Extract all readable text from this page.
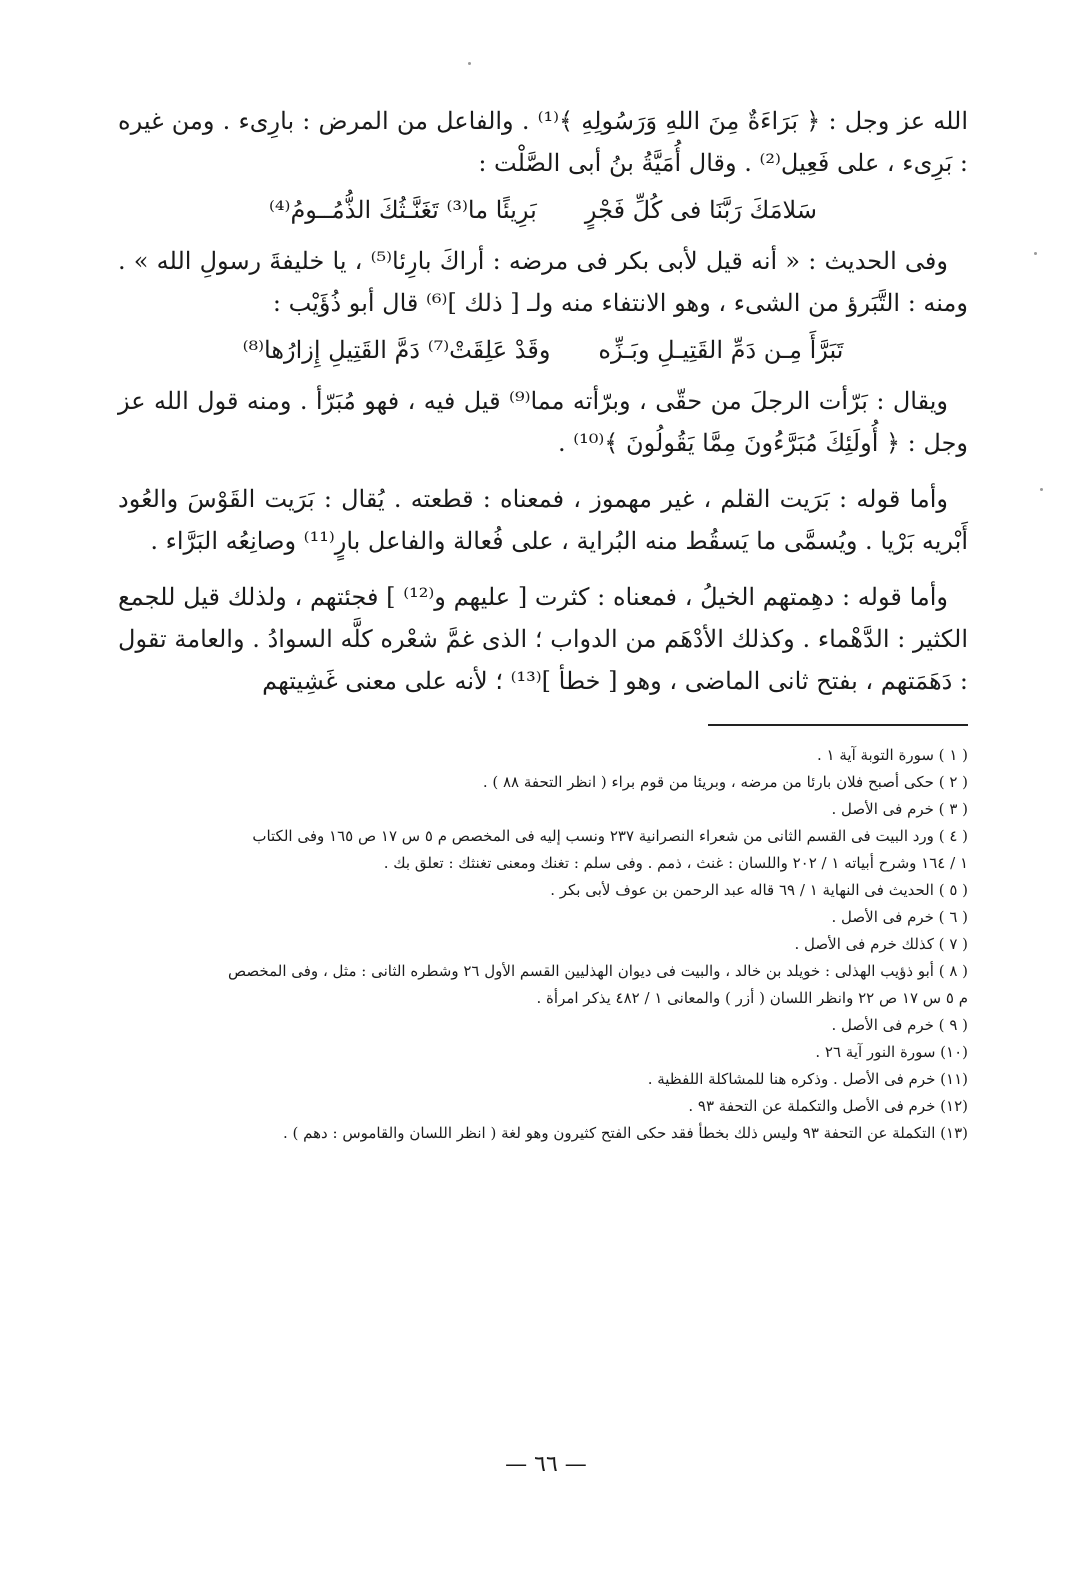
الله عز وجل : ﴿ بَرَاءَةٌ مِنَ اللهِ وَرَسُولِهِ ﴾⁽¹⁾ . والفاعل من المرض : بارِىء . ومن غيره : بَرِىء ، على فَعِيل⁽²⁾ . وقال أُمَيَّةُ بنُ أبى الصَّلْت :

سَلامَكَ رَبَّنَا فى كُلِّ فَجْرٍ
بَرِيئًا ما⁽³⁾ تَغَنَّـثُكَ الذُّمُــومُ⁽⁴⁾

وفى الحديث : « أنه قيل لأبى بكر فى مرضه : أراكَ بارِئا⁽⁵⁾ ، يا خليفةَ رسولِ الله » . ومنه : التَّبَرؤ من الشىء ، وهو الانتفاء منه ولـ [ ذلك ]⁽⁶⁾ قال أبو ذُؤَيْب :

تَبَرَّأَ مِـن دَمِّ القَتِيـلِ وبَـزِّه
وقَدْ عَلِقَتْ⁽⁷⁾ دَمَّ القَتِيلِ إِزارُها⁽⁸⁾

ويقال : بَرّأت الرجلَ من حقّى ، وبرّأته مما⁽⁹⁾ قيل فيه ، فهو مُبَرّأ . ومنه قول الله عز وجل : ﴿ أُولَئِكَ مُبَرَّءُونَ مِمَّا يَقُولُونَ ﴾⁽¹⁰⁾ .

وأما قوله : بَرَيت القلم ، غير مهموز ، فمعناه : قطعته . يُقال : بَرَيت القَوْسَ والعُود أَبْريه بَرْيا . ويُسمَّى ما يَسقُط منه البُراية ، على فُعالة والفاعل بارٍ⁽¹¹⁾ وصانِعُه البَرَّاء .

وأما قوله : دهِمتهم الخيلُ ، فمعناه : كثرت [ عليهم و⁽¹²⁾ ] فجئتهم ، ولذلك قيل للجمع الكثير : الدَّهْماء . وكذلك الأدْهَم من الدواب ؛ الذى غمَّ شعْره كلَّه السوادُ . والعامة تقول : دَهَمَتهم ، بفتح ثانى الماضى ، وهو [ خطأ ]⁽¹³⁾ ؛ لأنه على معنى غَشِيتهم

( ١ ) سورة التوبة آية ١ .

( ٢ ) حكى أصبح فلان بارئا من مرضه ، وبريئا من قوم براء ( انظر التحفة ٨٨ ) .

( ٣ ) خرم فى الأصل .

( ٤ ) ورد البيت فى القسم الثانى من شعراء النصرانية ٢٣٧ ونسب إليه فى المخصص م ٥ س ١٧ ص ١٦٥ وفى الكتاب

١ / ١٦٤ وشرح أبياته ١ / ٢٠٢ واللسان : غنث ، ذمم . وفى سلم : تغنك ومعنى تغنثك : تعلق بك .

( ٥ ) الحديث فى النهاية ١ / ٦٩ قاله عبد الرحمن بن عوف لأبى بكر .

( ٦ ) خرم فى الأصل .

( ٧ ) كذلك خرم فى الأصل .

( ٨ ) أبو ذؤيب الهذلى : خويلد بن خالد ، والبيت فى ديوان الهذليين القسم الأول ٢٦ وشطره الثانى : مثل ، وفى المخصص

م ٥ س ١٧ ص ٢٢ وانظر اللسان ( أزر ) والمعانى ١ / ٤٨٢ يذكر امرأة .

( ٩ ) خرم فى الأصل .

(١٠) سورة النور آية ٢٦ .

(١١) خرم فى الأصل . وذكره هنا للمشاكلة اللفظية .

(١٢) خرم فى الأصل والتكملة عن التحفة ٩٣ .

(١٣) التكملة عن التحفة ٩٣ وليس ذلك بخطأ فقد حكى الفتح كثيرون وهو لغة ( انظر اللسان والقاموس : دهم ) .

— ٦٦ —
